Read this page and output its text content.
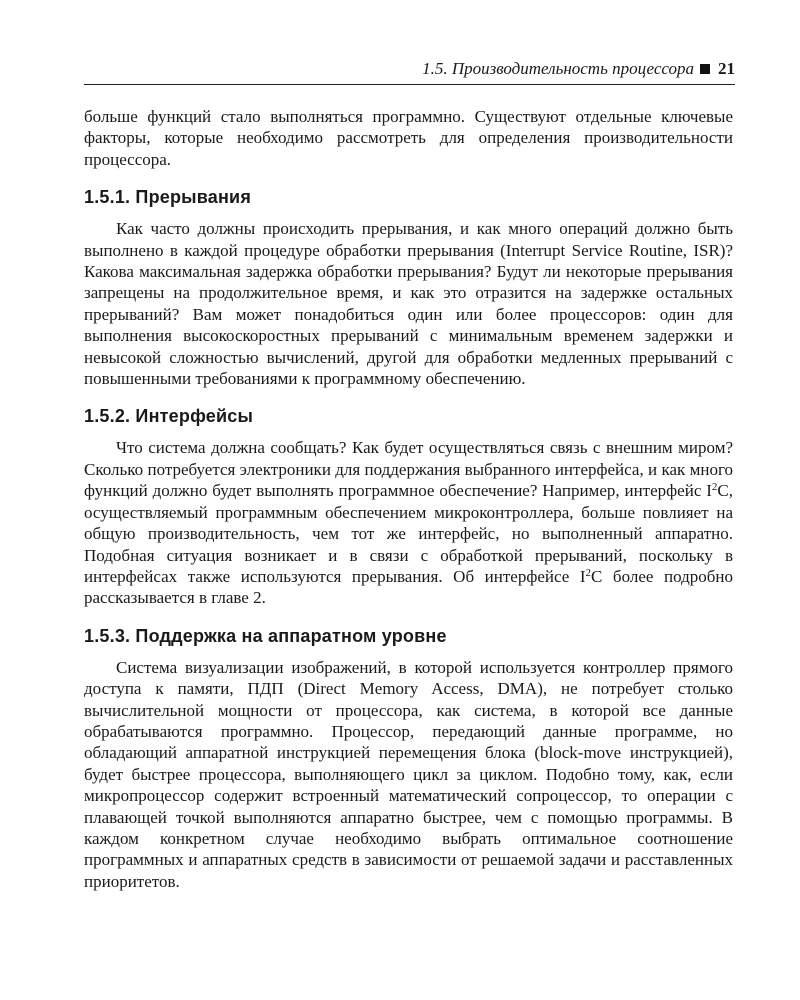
1.5. Производительность процессора 21

больше функций стало выполняться программно. Существуют отдельные ключевые факторы, которые необходимо рассмотреть для определения производительности процессора.

1.5.1. Прерывания

Как часто должны происходить прерывания, и как много операций должно быть выполнено в каждой процедуре обработки прерывания (Interrupt Service Routine, ISR)? Какова максимальная задержка обработки прерывания? Будут ли некоторые прерывания запрещены на продолжительное время, и как это отразится на задержке остальных прерываний? Вам может понадобиться один или более процессоров: один для выполнения высокоскоростных прерываний с минимальным временем задержки и невысокой сложностью вычислений, другой для обработки медленных прерываний с повышенными требованиями к программному обеспечению.

1.5.2. Интерфейсы

Что система должна сообщать? Как будет осуществляться связь с внешним миром? Сколько потребуется электроники для поддержания выбранного интерфейса, и как много функций должно будет выполнять программное обеспечение? Например, интерфейс $I^2C$, осуществляемый программным обеспечением микроконтроллера, больше повлияет на общую производительность, чем тот же интерфейс, но выполненный аппаратно. Подобная ситуация возникает и в связи с обработкой прерываний, поскольку в интерфейсах также используются прерывания. Об интерфейсе $I^2C$ более подробно рассказывается в главе 2.

1.5.3. Поддержка на аппаратном уровне

Система визуализации изображений, в которой используется контроллер прямого доступа к памяти, ПДП (Direct Memory Access, DMA), не потребует столько вычислительной мощности от процессора, как система, в которой все данные обрабатываются программно. Процессор, передающий данные программе, но обладающий аппаратной инструкцией перемещения блока (block-move инструкцией), будет быстрее процессора, выполняющего цикл за циклом. Подобно тому, как, если микропроцессор содержит встроенный математический сопроцессор, то операции с плавающей точкой выполняются аппаратно быстрее, чем с помощью программы. В каждом конкретном случае необходимо выбрать оптимальное соотношение программных и аппаратных средств в зависимости от решаемой задачи и расставленных приоритетов.
